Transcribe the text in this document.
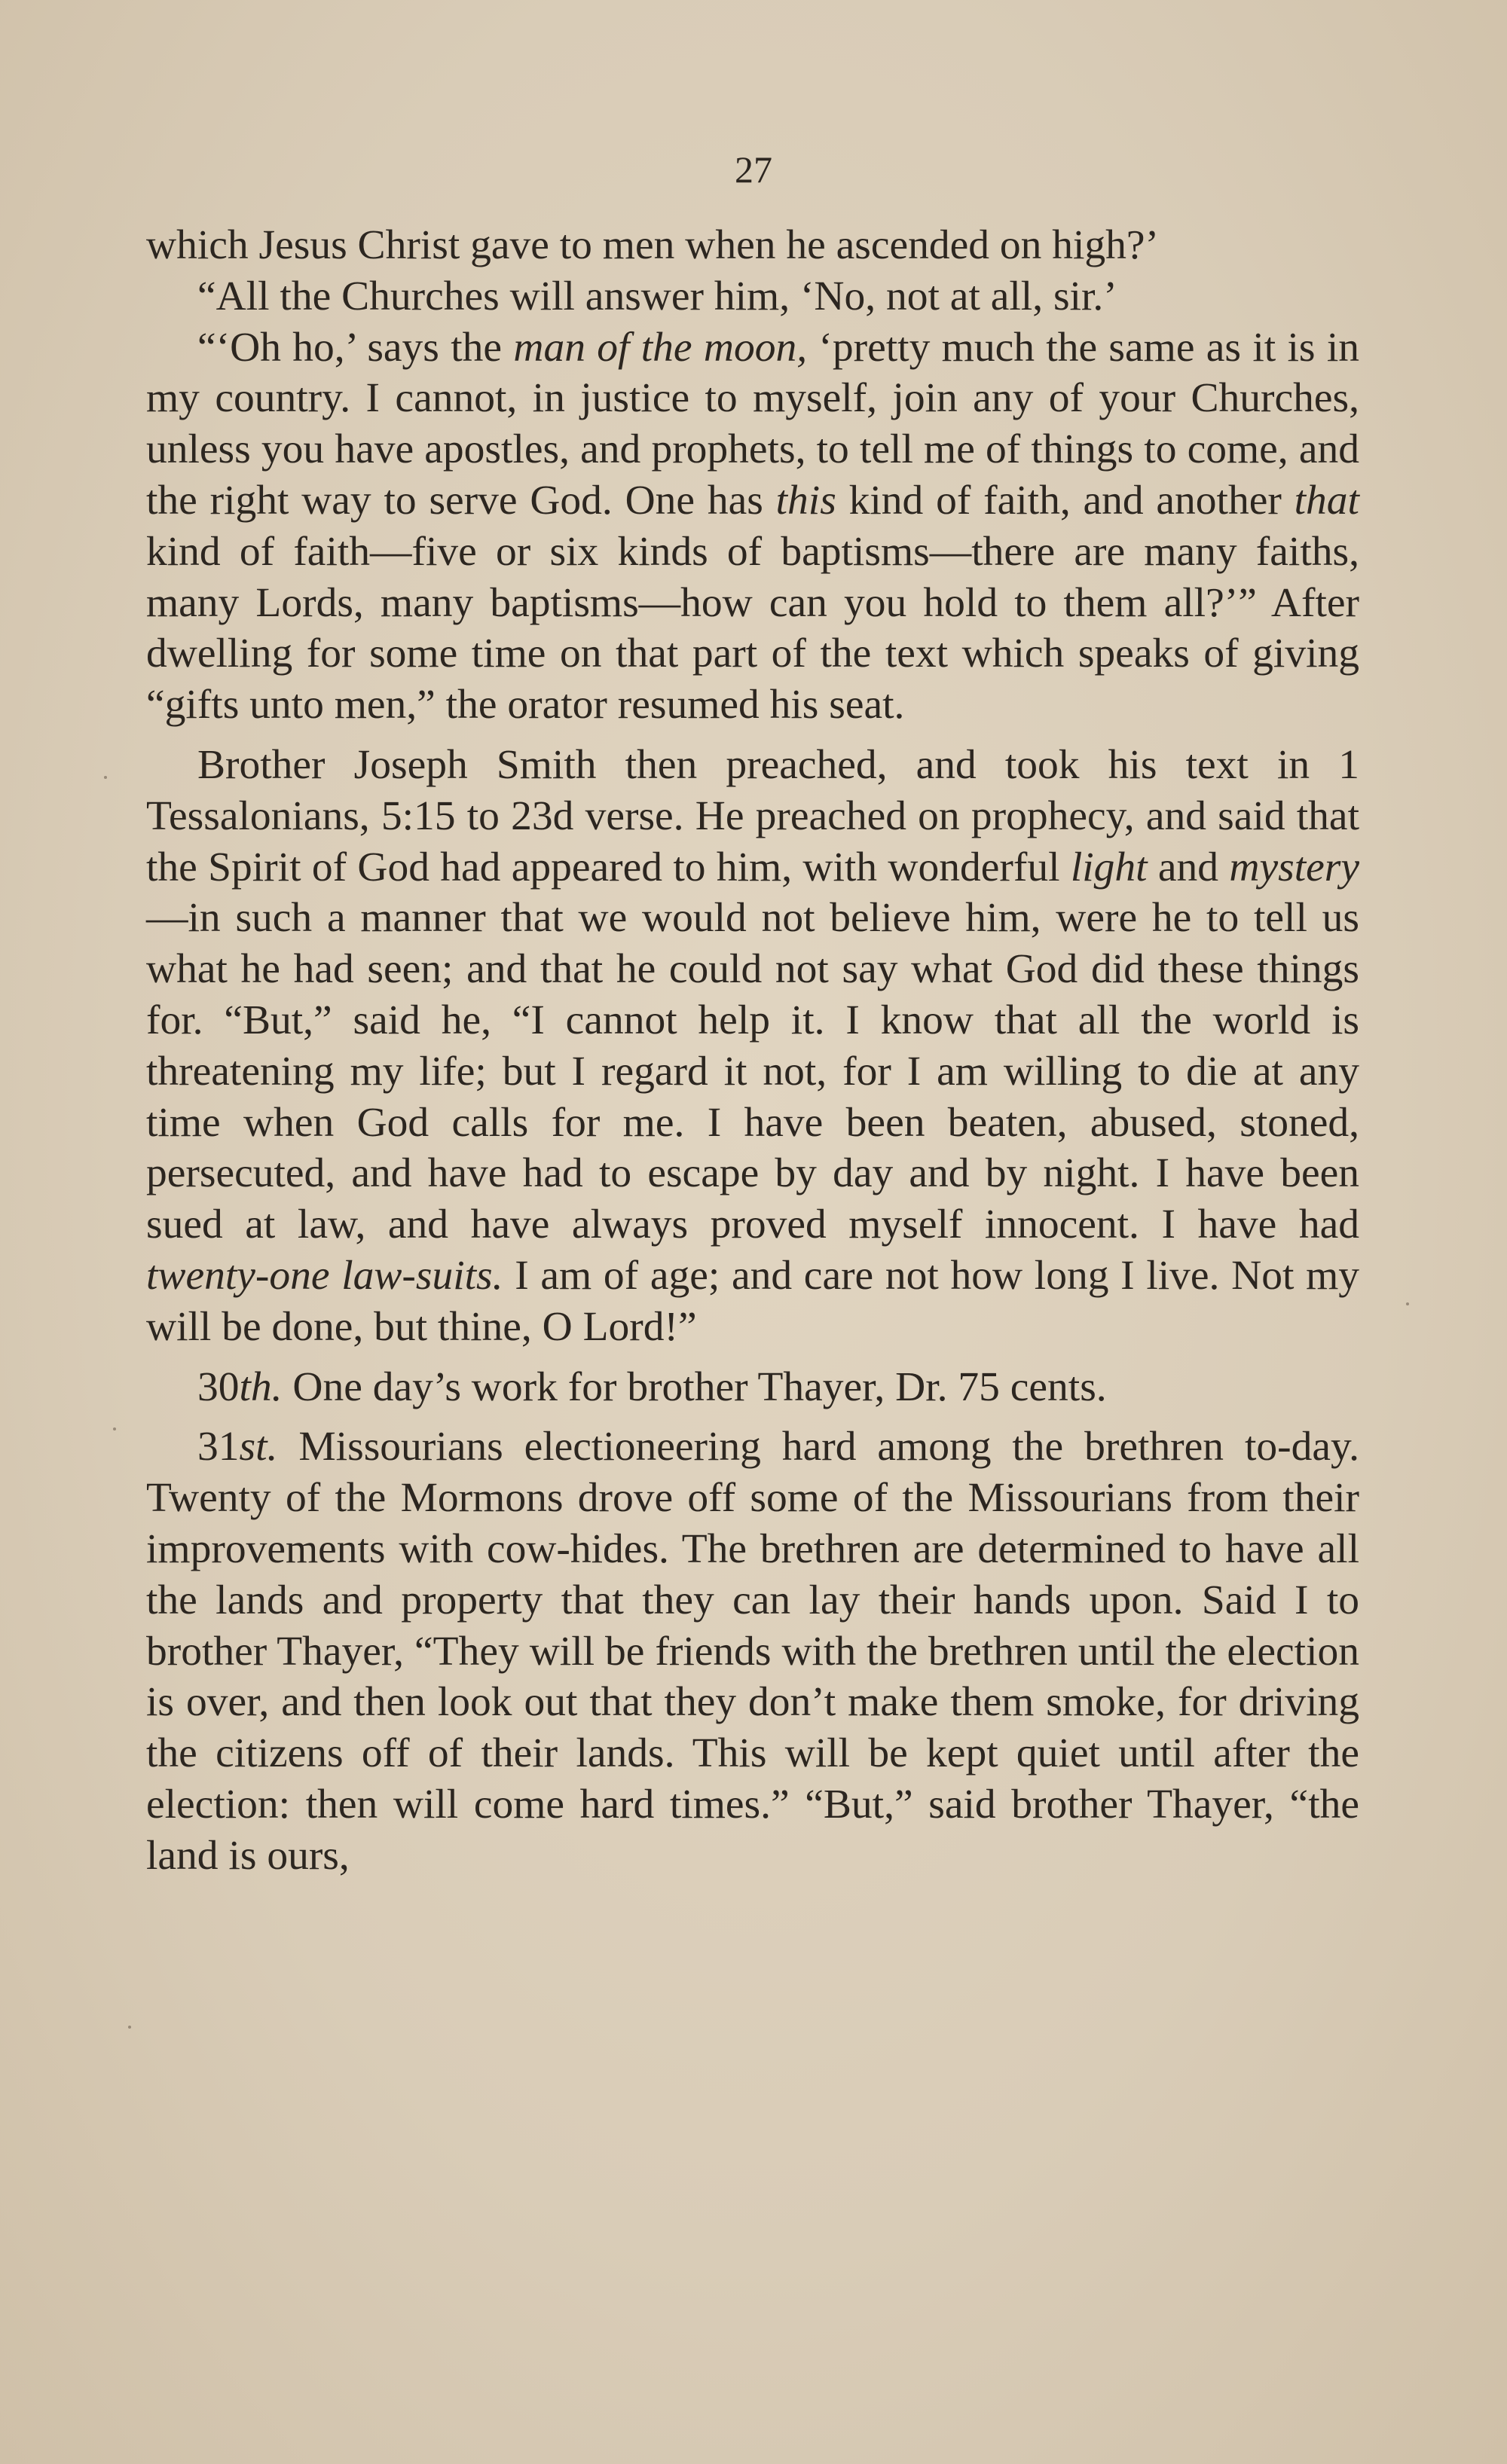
27

which Jesus Christ gave to men when he ascended on high?’

“All the Churches will answer him, ‘No, not at all, sir.’

“‘Oh ho,’ says the man of the moon, ‘pretty much the same as it is in my country. I cannot, in justice to myself, join any of your Churches, unless you have apostles, and prophets, to tell me of things to come, and the right way to serve God. One has this kind of faith, and another that kind of faith—five or six kinds of baptisms—there are many faiths, many Lords, many baptisms—how can you hold to them all?’” After dwelling for some time on that part of the text which speaks of giving “gifts unto men,” the orator resumed his seat.

Brother Joseph Smith then preached, and took his text in 1 Tessalonians, 5:15 to 23d verse. He preached on prophecy, and said that the Spirit of God had appeared to him, with wonderful light and mystery—in such a manner that we would not believe him, were he to tell us what he had seen; and that he could not say what God did these things for. “But,” said he, “I cannot help it. I know that all the world is threatening my life; but I regard it not, for I am willing to die at any time when God calls for me. I have been beaten, abused, stoned, persecuted, and have had to escape by day and by night. I have been sued at law, and have always proved myself innocent. I have had twenty-one law-suits. I am of age; and care not how long I live. Not my will be done, but thine, O Lord!”

30th. One day’s work for brother Thayer, Dr. 75 cents.

31st. Missourians electioneering hard among the brethren to-day. Twenty of the Mormons drove off some of the Missourians from their improvements with cow-hides. The brethren are determined to have all the lands and property that they can lay their hands upon. Said I to brother Thayer, “They will be friends with the brethren until the election is over, and then look out that they don’t make them smoke, for driving the citizens off of their lands. This will be kept quiet until after the election: then will come hard times.” “But,” said brother Thayer, “the land is ours,
